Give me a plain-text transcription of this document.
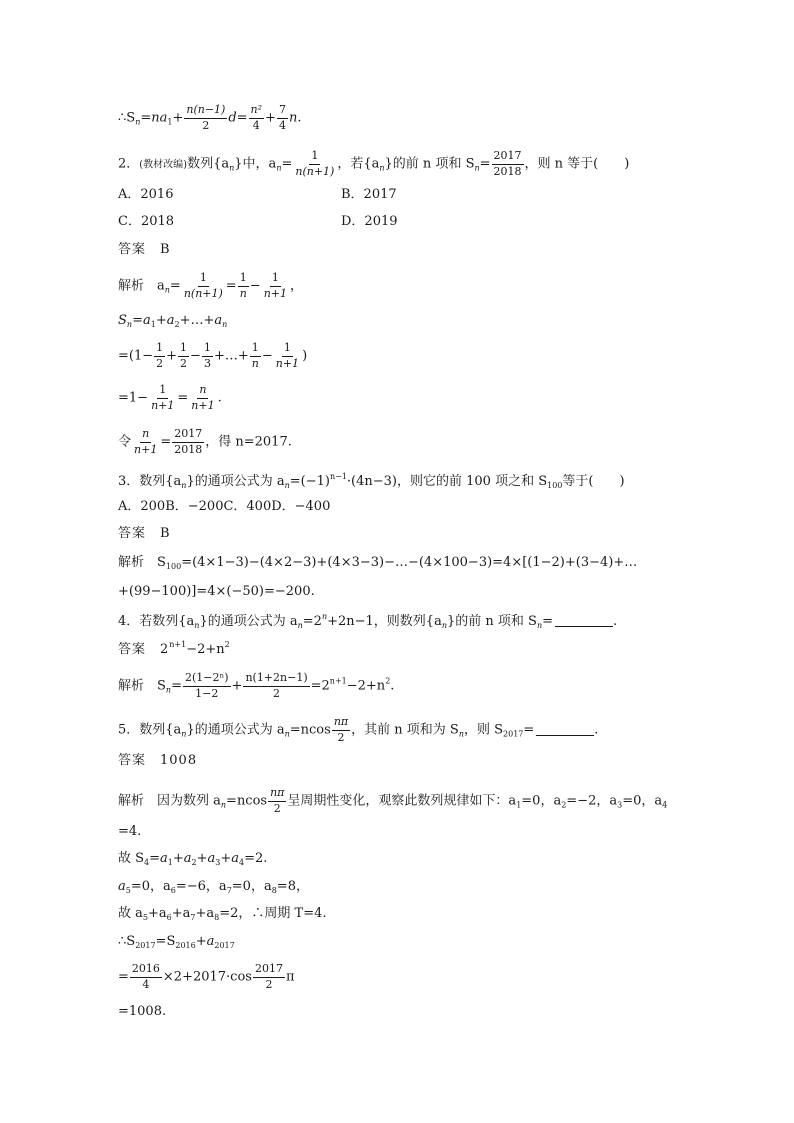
$\therefore S_n=na_1+ \frac{n(n-1)}{2} d= \frac{\text{n²}}{4} + \frac{7}{4} n$.
2．(教材改编)数列$\{a_n\}$中，$a_n= \frac{1}{n(n+1)}$ ，若$\{a_n\}$的前 n 项和 $S_n= \frac{2017}{2018}$ ，则 n 等于(　　)
A．2016	B．2017
C．2018	D．2019
答案　B
解析　$a_n= \frac{1}{n(n+1)} = \frac{1}{n} - \frac{1}{n+1}$ ，
$S_n=a_1+a_2+\dots+a_n$
$=(1- \frac{1}{2} + \frac{1}{2} - \frac{1}{3}$ +…+ $\frac{1}{n} - \frac{1}{n+1}$ )
$=1- \frac{1}{n+1} = \frac{n}{n+1}$ .
令 $\frac{n}{n+1} = \frac{2017}{2018}$ ，得 n=2017.
3．数列$\{a_n\}$的通项公式为 $a_n=(-1)^{n-1}\cdot(4n-3)$，则它的前 100 项之和 $S_{100}$等于(　　)
A．200B．−200C．400D．−400
答案　B
解析　$S_{100}=(4\times 1-3)-(4\times 2-3)+(4\times 3-3)-\dots-(4\times 100-3)=4\times[(1-2)+(3-4)+\dots$
+(99−100)]=4×(−50)=−200.
4．若数列$\{a_n\}$的通项公式为 $a_n=2^n+2n-1$，则数列$\{a_n\}$的前 n 项和 $S_n=$	.
答案　$2^{n+1}-2+n^2$
解析　$S_n= \frac{\text{2(1−2ⁿ)}}{1-2} + \frac{n(1+2n-1)}{2} =2^{n+1}-2+n^2$.
5．数列$\{a_n\}$的通项公式为 $a_n=ncos \frac{n\pi}{2}$ ，其前 n 项和为 $S_n$，则 $S_{2017}=$	.
答案　1008
解析　因为数列 $a_n=ncos \frac{n\pi}{2}$ 呈周期性变化，观察此数列规律如下：$a_1=0$，$a_2=-2$，$a_3=0$，$a_4$
=4.
故 $S_4=a_1+a_2+a_3+a_4=2$.
$a_5=0$，$a_6=-6$，$a_7=0$，$a_8=8$，
故 $a_5+a_6+a_7+a_8=2$，∴周期 T=4.
$\therefore S_{2017}=S_{2016}+a_{2017}$
= $\frac{2016}{4} \times 2+2017\cdot\cos \frac{2017}{2}$ π
=1008.
